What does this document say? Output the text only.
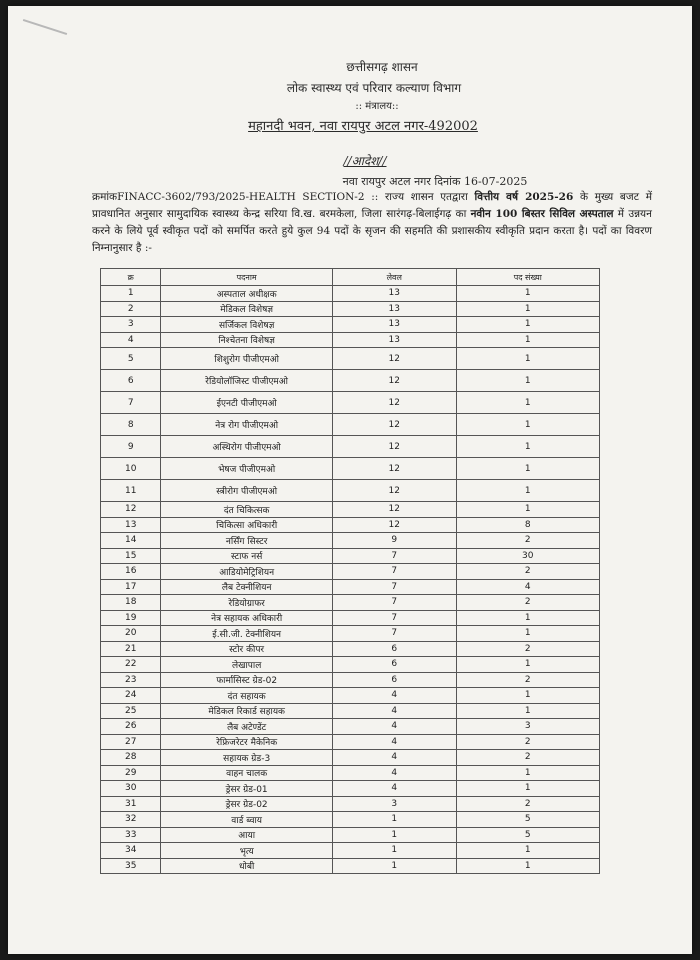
छत्तीसगढ़ शासन
लोक स्वास्थ्य एवं परिवार कल्याण विभाग
:: मंत्रालय::
महानदी भवन, नवा रायपुर अटल नगर-492002
//आदेश//
नवा रायपुर अटल नगर दिनांक 16-07-2025
क्रमांकFINACC-3602/793/2025-HEALTH SECTION-2 :: राज्य शासन एतद्वारा वित्तीय वर्ष 2025-26 के मुख्य बजट में प्रावधानित अनुसार सामुदायिक स्वास्थ्य केन्द्र सरिया वि.ख. बरमकेला, जिला सारंगढ़-बिलाईगढ़ का नवीन 100 बिस्तर सिविल अस्पताल में उन्नयन करने के लिये पूर्व स्वीकृत पदों को समर्पित करते हुये कुल 94 पदों के सृजन की सहमति की प्रशासकीय स्वीकृति प्रदान करता है। पदों का विवरण निम्नानुसार है :-
क्र	पदनाम	लेवल	पद संख्या
1	अस्पताल अधीक्षक	13	1
2	मेडिकल विशेषज्ञ	13	1
3	सर्जिकल विशेषज्ञ	13	1
4	निश्चेतना विशेषज्ञ	13	1
5	शिशुरोग पीजीएमओ	12	1
6	रेडियोलॉजिस्ट पीजीएमओ	12	1
7	ईएनटी पीजीएमओ	12	1
8	नेत्र रोग पीजीएमओ	12	1
9	अस्थिरोग पीजीएमओ	12	1
10	भेषज पीजीएमओ	12	1
11	स्त्रीरोग पीजीएमओ	12	1
12	दंत चिकित्सक	12	1
13	चिकित्सा अधिकारी	12	8
14	नर्सिंग सिस्टर	9	2
15	स्टाफ नर्स	7	30
16	आडियोमेट्रिशियन	7	2
17	लैब टेक्नीशियन	7	4
18	रेडियोग्राफर	7	2
19	नेत्र सहायक अधिकारी	7	1
20	ई.सी.जी. टेक्नीशियन	7	1
21	स्टोर कीपर	6	2
22	लेखापाल	6	1
23	फार्मासिस्ट ग्रेड-02	6	2
24	दंत सहायक	4	1
25	मेडिकल रिकार्ड सहायक	4	1
26	लैब अटेण्डेंट	4	3
27	रेफ्रिजरेटर मैकेनिक	4	2
28	सहायक ग्रेड-3	4	2
29	वाहन चालक	4	1
30	ड्रेसर ग्रेड-01	4	1
31	ड्रेसर ग्रेड-02	3	2
32	वार्ड ब्वाय	1	5
33	आया	1	5
34	भृत्य	1	1
35	धोबी	1	1
